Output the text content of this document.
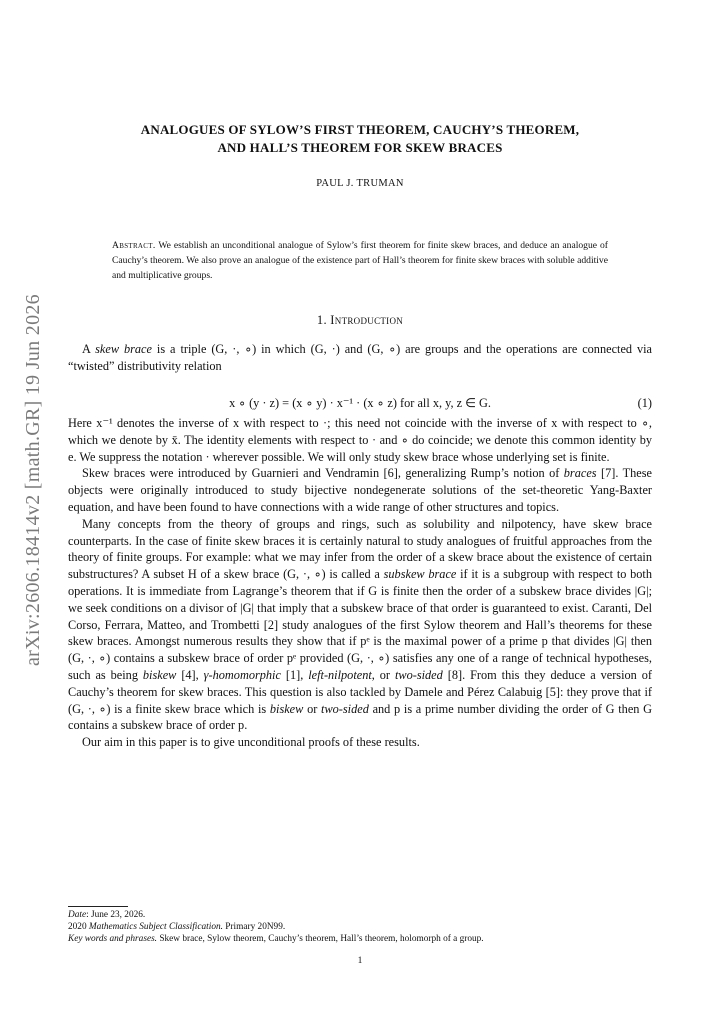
arXiv:2606.18414v2 [math.GR] 19 Jun 2026
ANALOGUES OF SYLOW’S FIRST THEOREM, CAUCHY’S THEOREM,
AND HALL’S THEOREM FOR SKEW BRACES
PAUL J. TRUMAN
Abstract. We establish an unconditional analogue of Sylow’s first theorem for finite skew braces, and deduce an analogue of Cauchy’s theorem. We also prove an analogue of the existence part of Hall’s theorem for finite skew braces with soluble additive and multiplicative groups.
1. Introduction

A skew brace is a triple (G, ·, ∘) in which (G, ·) and (G, ∘) are groups and the operations are connected via “twisted” distributivity relation

x ∘ (y · z) = (x ∘ y) · x⁻¹ · (x ∘ z) for all x, y, z ∈ G.	(1)

Here x⁻¹ denotes the inverse of x with respect to ·; this need not coincide with the inverse of x with respect to ∘, which we denote by x̄. The identity elements with respect to · and ∘ do coincide; we denote this common identity by e. We suppress the notation · wherever possible. We will only study skew brace whose underlying set is finite.

Skew braces were introduced by Guarnieri and Vendramin [6], generalizing Rump’s notion of braces [7]. These objects were originally introduced to study bijective nondegenerate solutions of the set-theoretic Yang-Baxter equation, and have been found to have connections with a wide range of other structures and topics.

Many concepts from the theory of groups and rings, such as solubility and nilpotency, have skew brace counterparts. In the case of finite skew braces it is certainly natural to study analogues of fruitful approaches from the theory of finite groups. For example: what we may infer from the order of a skew brace about the existence of certain substructures? A subset H of a skew brace (G, ·, ∘) is called a subskew brace if it is a subgroup with respect to both operations. It is immediate from Lagrange’s theorem that if G is finite then the order of a subskew brace divides |G|; we seek conditions on a divisor of |G| that imply that a subskew brace of that order is guaranteed to exist. Caranti, Del Corso, Ferrara, Matteo, and Trombetti [2] study analogues of the first Sylow theorem and Hall’s theorems for these skew braces. Amongst numerous results they show that if pᵉ is the maximal power of a prime p that divides |G| then (G, ·, ∘) contains a subskew brace of order pᵉ provided (G, ·, ∘) satisfies any one of a range of technical hypotheses, such as being biskew [4], γ-homomorphic [1], left-nilpotent, or two-sided [8]. From this they deduce a version of Cauchy’s theorem for skew braces. This question is also tackled by Damele and Pérez Calabuig [5]: they prove that if (G, ·, ∘) is a finite skew brace which is biskew or two-sided and p is a prime number dividing the order of G then G contains a subskew brace of order p.

Our aim in this paper is to give unconditional proofs of these results.

Date: June 23, 2026.
2020 Mathematics Subject Classification. Primary 20N99.
Key words and phrases. Skew brace, Sylow theorem, Cauchy’s theorem, Hall’s theorem, holomorph of a group.
1
